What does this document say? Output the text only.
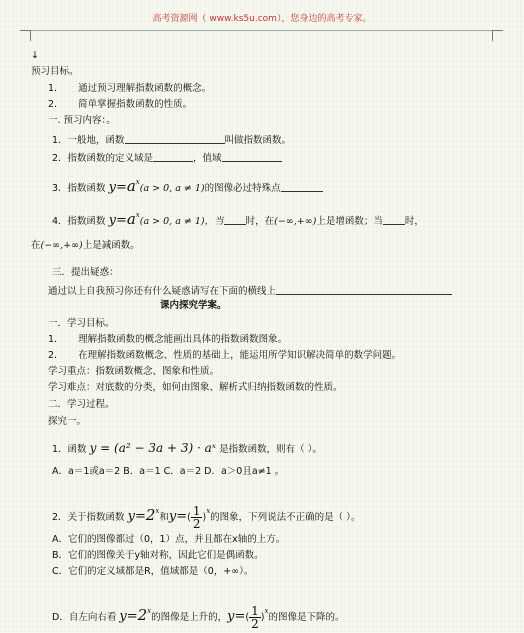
高考资源网（ www.ks5u.com），您身边的高考专家。
↓
预习目标。
1. 通过预习理解指数函数的概念。
2. 简单掌握指数函数的性质。
一. 预习内容：。
1．一般地，函数	叫做指数函数。
2．指数函数的定义域是	，值域
3．指数函数 $y=a^x(a > 0$, a ≠ 1)的图像必过特殊点
4．指数函数 $y=a^x(a > 0$, a ≠ 1)，当 时，在(−∞,+∞)上是增函数；当 时，
在(−∞,+∞)上是减函数。
三．提出疑惑：
通过以上自我预习你还有什么疑惑请写在下面的横线上
课内探究学案。
一．学习目标。
1. 理解指数函数的概念能画出具体的指数函数图象。
2. 在理解指数函数概念、性质的基础上，能运用所学知识解决简单的数学问题。
学习重点：指数函数概念、图象和性质。
学习难点：对底数的分类，如何由图象、解析式归纳指数函数的性质。
二．学习过程。
探究一。
1．函数 y = (a² − 3a + 3) · aˣ 是指数函数，则有（ ）。
A．a＝1或a＝2 B．a＝1 C．a＝2 D．a＞0且a≠1 。
2．关于指数函数 $y=2^x$和$y=( \frac{1}{2} )^x$的图象，下列说法不正确的是（ ）。
A．它们的图像都过（0，1）点，并且都在x轴的上方。
B．它们的图像关于y轴对称，因此它们是偶函数。
C．它们的定义域都是R，值域都是（0，+∞）。
D．自左向右看 $y=2^x$的图像是上升的，$y=( \frac{1}{2} )^x$的图像是下降的。
